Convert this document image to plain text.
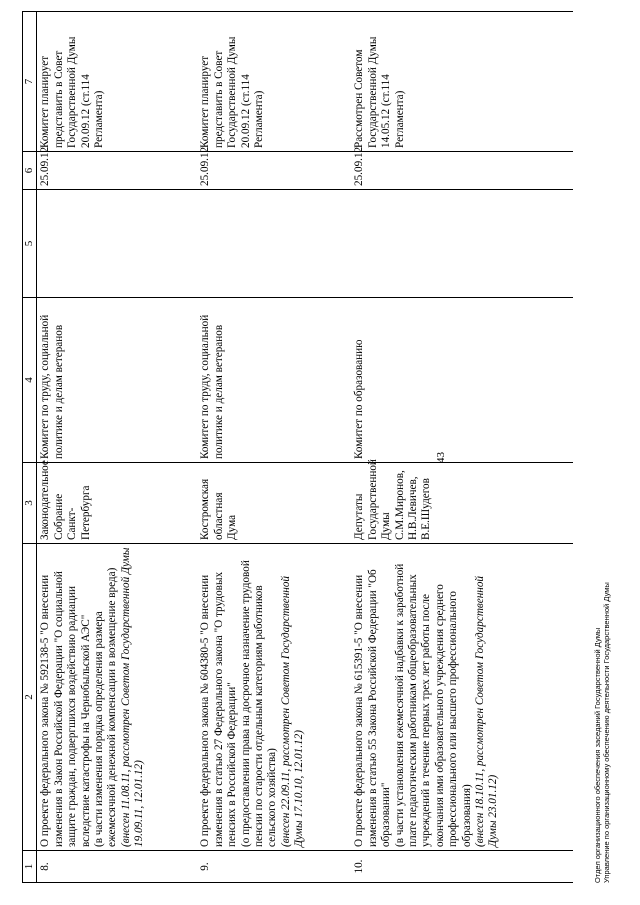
43
1	2	3	4	5	6	7
8.	О проекте федерального закона № 592138-5 "О внесении изменения в Закон Российской Федерации "О социальной защите граждан, подвергшихся воздействию радиации вследствие катастрофы на Чернобыльской АЭС" (в части изменения порядка определения размера ежемесячной денежной компенсации в возмещение вреда) (внесен 11.08.11, рассмотрен Советом Государственной Думы 19.09.11, 12.01.12)	Законодательное Собрание Санкт-Петербурга	Комитет по труду, социальной политике и делам ветеранов		25.09.12	Комитет планирует представить в Совет Государственной Думы 20.09.12 (ст.114 Регламента)
9.	О проекте федерального закона № 604380-5 "О внесении изменения в статью 27 Федерального закона "О трудовых пенсиях в Российской Федерации" (о предоставлении права на досрочное назначение трудовой пенсии по старости отдельным категориям работников сельского хозяйства) (внесен 22.09.11, рассмотрен Советом Государственной Думы 17.10.10, 12.01.12)	Костромская областная Дума	Комитет по труду, социальной политике и делам ветеранов		25.09.12	Комитет планирует представить в Совет Государственной Думы 20.09.12 (ст.114 Регламента)
10.	О проекте федерального закона № 615391-5 "О внесении изменения в статью 55 Закона Российской Федерации "Об образовании" (в части установления ежемесячной надбавки к заработной плате педагогическим работникам общеобразовательных учреждений в течение первых трех лет работы после окончания ими образовательного учреждения среднего профессионального или высшего профессионального образования) (внесен 18.10.11, рассмотрен Советом Государственной Думы 23.01.12)	Депутаты Государственной Думы С.М.Миронов, Н.В.Левичев, В.Е.Шудегов	Комитет по образованию		25.09.12	Рассмотрен Советом Государственной Думы 14.05.12 (ст.114 Регламента)
Отдел организационного обеспечения заседаний Государственной Думы Управление по организационному обеспечению деятельности Государственной Думы
